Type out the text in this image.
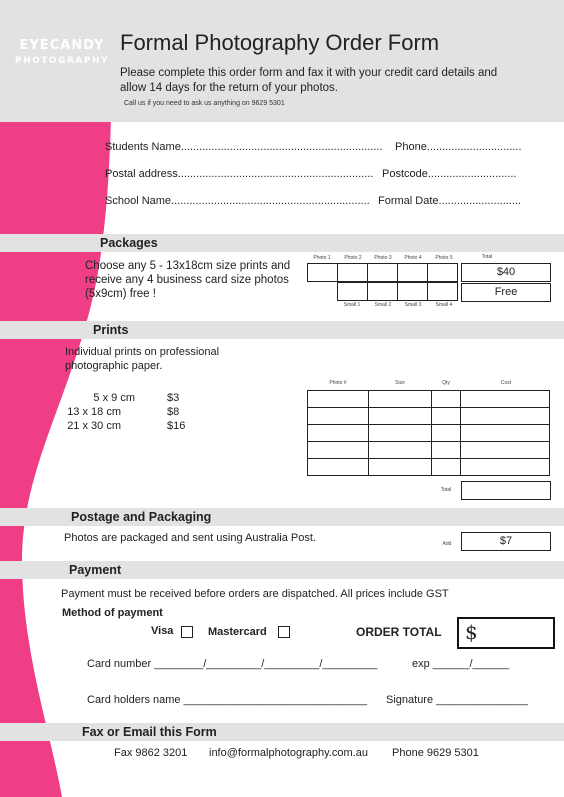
EYECANDY
PHOTOGRAPHY
Formal Photography Order Form
Please complete this order form and fax it with your credit card details and allow 14 days for the return of your photos.
Call us if you need to ask us anything on 9629 5301
Students Name.................................................................. Phone...............................
Postal address................................................................ Postcode.............................
School Name................................................................. Formal Date...........................
Packages
Choose any 5 - 13x18cm size prints and receive any 4 business card size photos (5x9cm) free !
Photo 1	Photo 2	Photo 3	Photo 4	Photo 5	Total

$40
Free
Small 1	Small 2	Small 3	Small 4
Prints
Individual prints on professional photographic paper.
5 x 9 cm	$3
13 x 18 cm	$8
21 x 30 cm	$16
Photo #	Size	Qty	Cost

Total
Postage and Packaging
Photos are packaged and sent using Australia Post.	Add	$7
Payment
Payment must be received before orders are dispatched. All prices include GST
Method of payment
Visa	Mastercard	ORDER TOTAL $
Card number ________/_________/_________/_________	exp ______/______
Card holders name ______________________________ Signature _______________
Fax or Email this Form
Fax 9862 3201 info@formalphotography.com.au Phone 9629 5301
